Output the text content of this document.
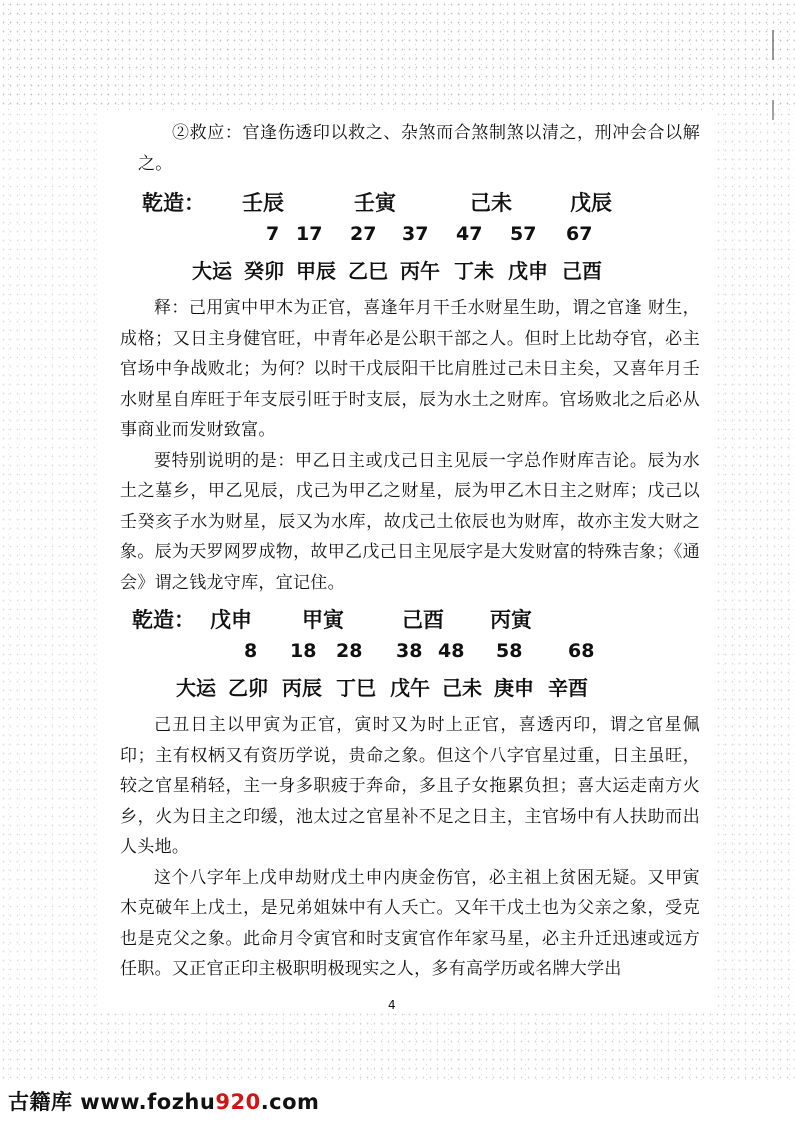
②救应：官逢伤透印以救之、杂煞而合煞制煞以清之，刑冲会合以解之。

乾造：	壬辰	壬寅	己未	戊辰
7 17 27 37 47 57 67
大运 癸卯 甲辰 乙巳 丙午 丁未 戊申 己酉

释：己用寅中甲木为正官，喜逢年月干壬水财星生助，谓之官逢 财生，成格；又日主身健官旺，中青年必是公职干部之人。但时上比劫夺官，必主官场中争战败北；为何？以时干戊辰阳干比肩胜过己未日主矣，又喜年月壬水财星自库旺于年支辰引旺于时支辰，辰为水土之财库。官场败北之后必从事商业而发财致富。

要特别说明的是：甲乙日主或戊己日主见辰一字总作财库吉论。辰为水土之墓乡，甲乙见辰，戊己为甲乙之财星，辰为甲乙木日主之财库；戊己以壬癸亥子水为财星，辰又为水库，故戊己土依辰也为财库，故亦主发大财之象。辰为天罗网罗成物，故甲乙戊己日主见辰字是大发财富的特殊吉象；《通会》谓之钱龙守库，宜记住。

乾造： 戊申	甲寅	己酉	丙寅
8 18 28 38 48 58 68
大运 乙卯 丙辰 丁巳 戊午 己未 庚申 辛酉

己丑日主以甲寅为正官，寅时又为时上正官，喜透丙印，谓之官星佩印；主有权柄又有资历学说，贵命之象。但这个八字官星过重，日主虽旺，较之官星稍轻，主一身多职疲于奔命，多且子女拖累负担；喜大运走南方火乡，火为日主之印缓，池太过之官星补不足之日主，主官场中有人扶助而出人头地。

这个八字年上戊申劫财戊土申内庚金伤官，必主祖上贫困无疑。又甲寅木克破年上戊土，是兄弟姐妹中有人夭亡。又年干戊土也为父亲之象，受克也是克父之象。此命月令寅官和时支寅官作年家马星，必主升迁迅速或远方任职。又正官正印主极职明极现实之人，多有高学历或名牌大学出

4
古籍库 www.fozhu920.com
